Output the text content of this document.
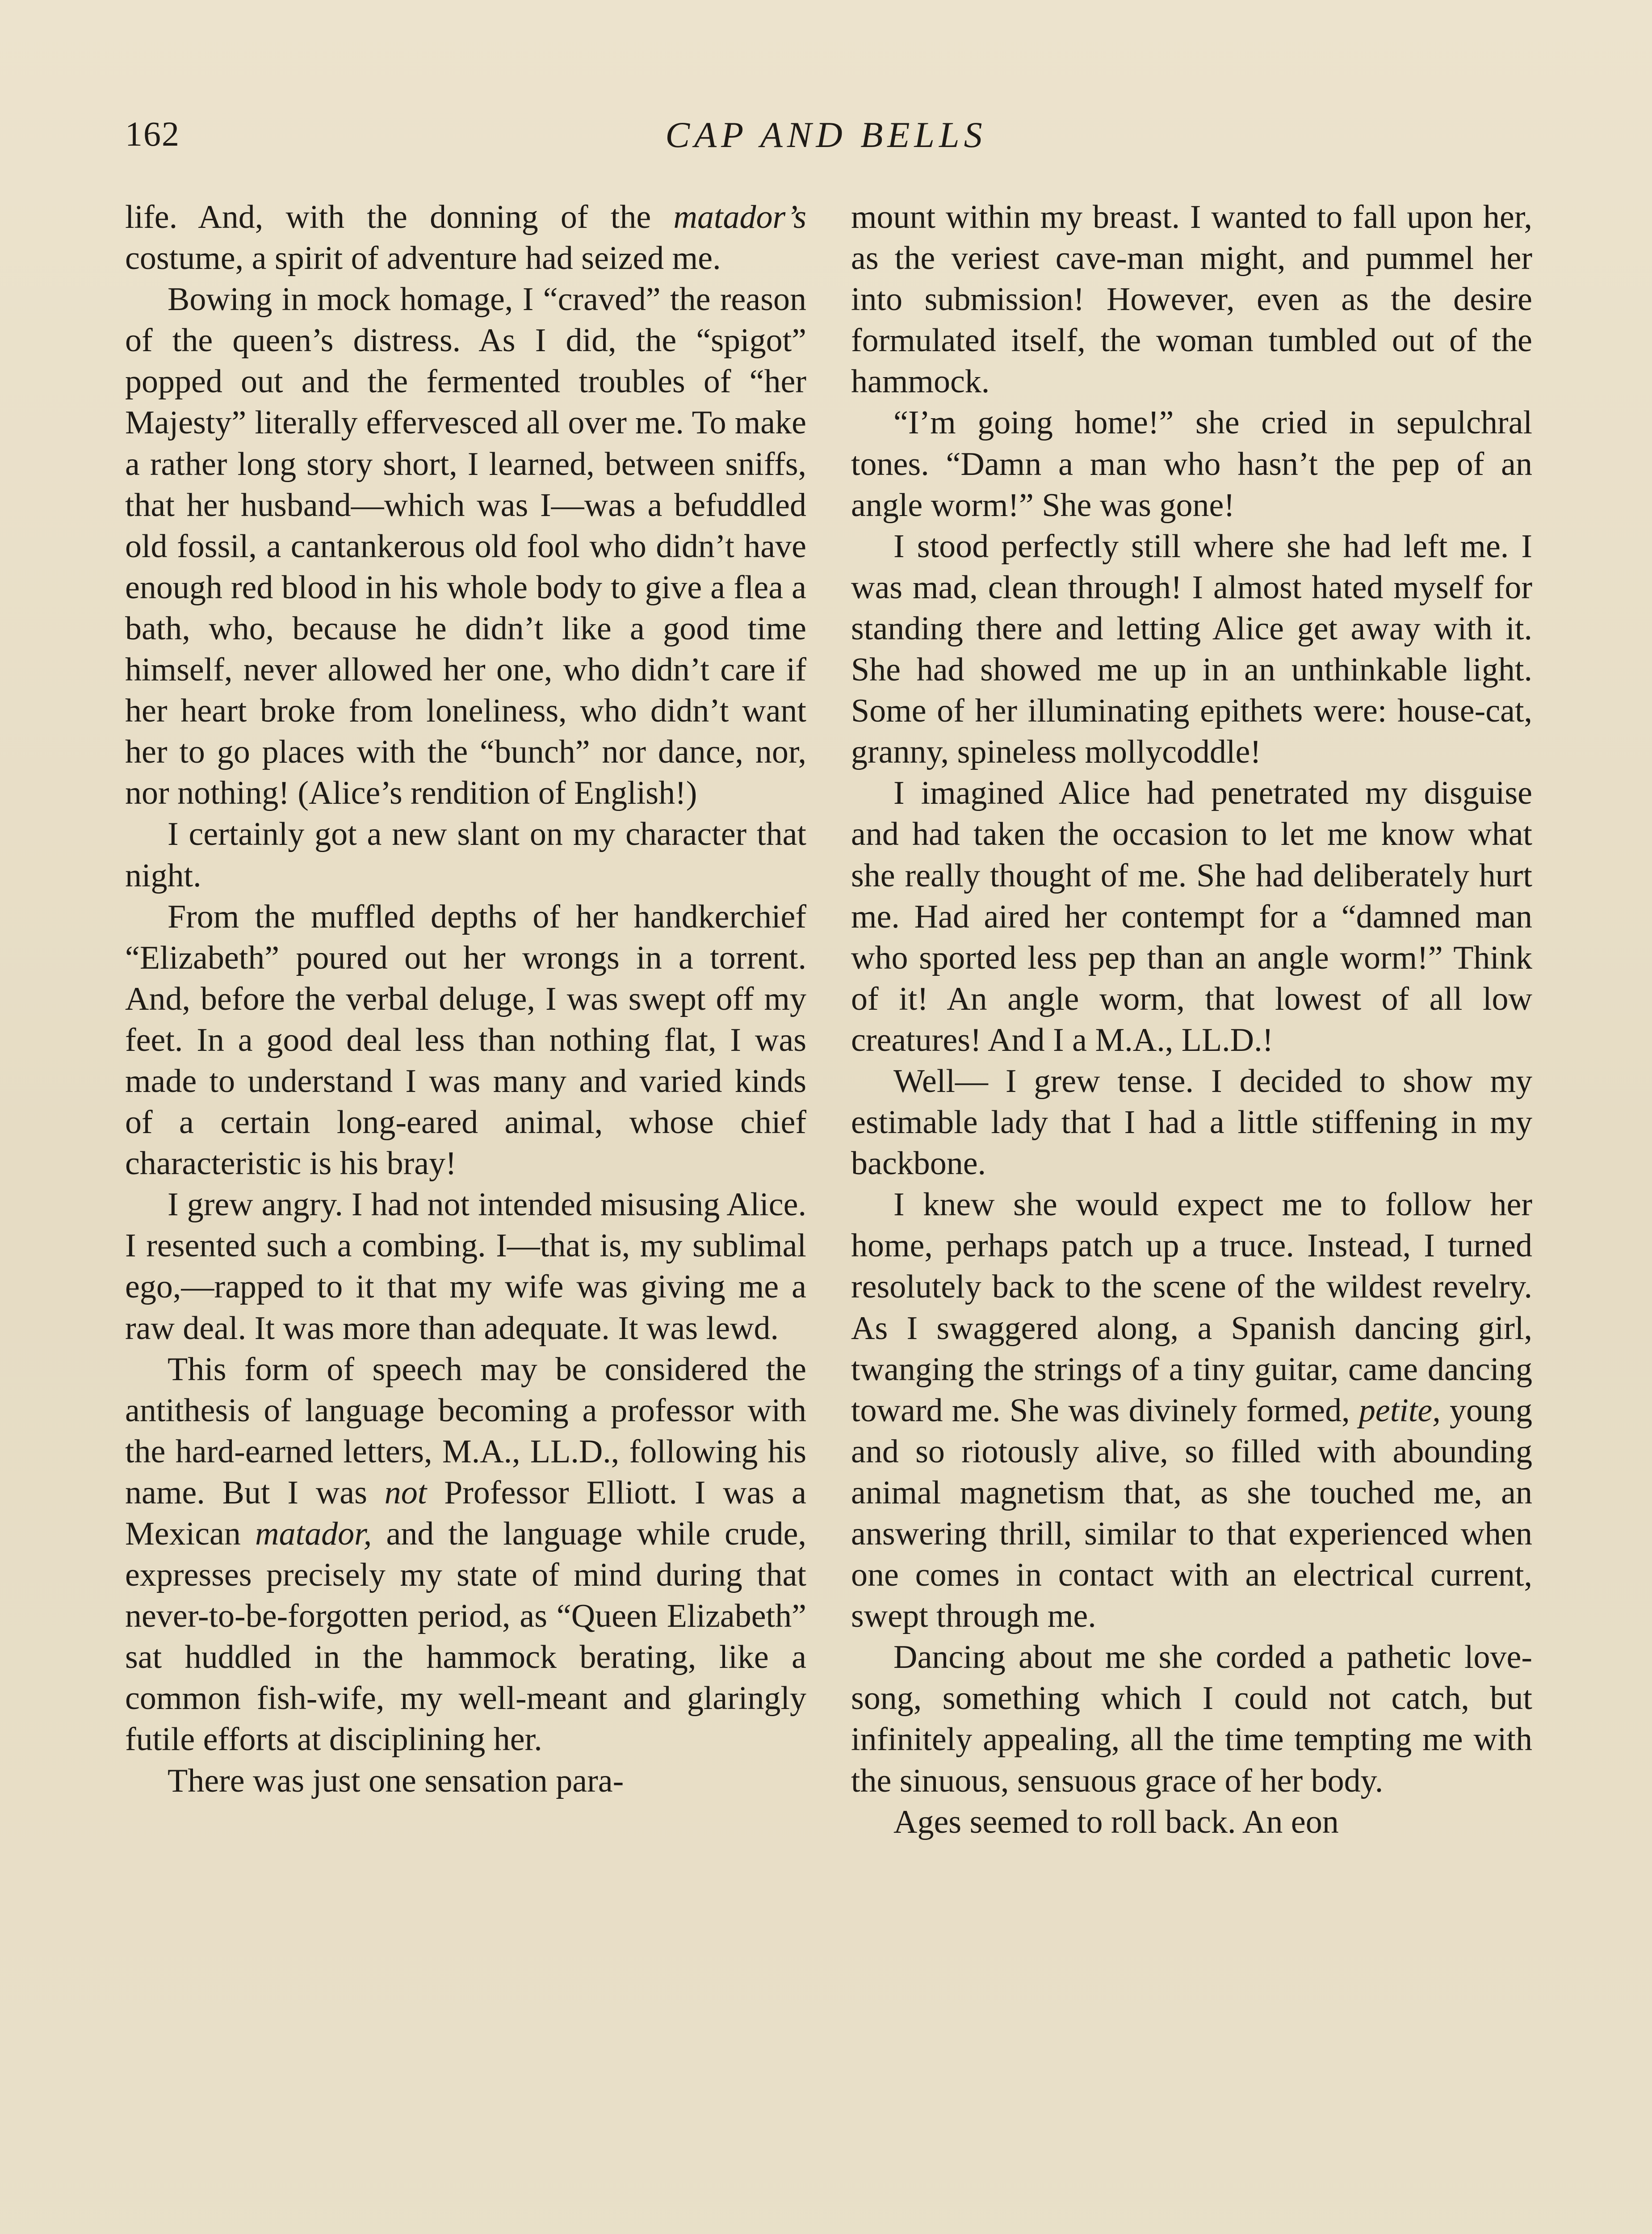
162	CAP AND BELLS

life. And, with the donning of the matador’s costume, a spirit of adventure had seized me.

Bowing in mock homage, I “craved” the reason of the queen’s distress. As I did, the “spigot” popped out and the fermented troubles of “her Majesty” literally effervesced all over me. To make a rather long story short, I learned, between sniffs, that her husband—which was I—was a befuddled old fossil, a cantankerous old fool who didn’t have enough red blood in his whole body to give a flea a bath, who, because he didn’t like a good time himself, never allowed her one, who didn’t care if her heart broke from loneliness, who didn’t want her to go places with the “bunch” nor dance, nor, nor nothing! (Alice’s rendition of English!)

I certainly got a new slant on my character that night.

From the muffled depths of her handkerchief “Elizabeth” poured out her wrongs in a torrent. And, before the verbal deluge, I was swept off my feet. In a good deal less than nothing flat, I was made to understand I was many and varied kinds of a certain long-eared animal, whose chief characteristic is his bray!

I grew angry. I had not intended misusing Alice. I resented such a combing. I—that is, my sublimal ego,—rapped to it that my wife was giving me a raw deal. It was more than adequate. It was lewd.

This form of speech may be considered the antithesis of language becoming a professor with the hard-earned letters, M.A., LL.D., following his name. But I was not Professor Elliott. I was a Mexican matador, and the language while crude, expresses precisely my state of mind during that never-to-be-forgotten period, as “Queen Elizabeth” sat huddled in the hammock berating, like a common fish-wife, my well-meant and glaringly futile efforts at disciplining her.

There was just one sensation para-

mount within my breast. I wanted to fall upon her, as the veriest cave-man might, and pummel her into submission! However, even as the desire formulated itself, the woman tumbled out of the hammock.

“I’m going home!” she cried in sepulchral tones. “Damn a man who hasn’t the pep of an angle worm!” She was gone!

I stood perfectly still where she had left me. I was mad, clean through! I almost hated myself for standing there and letting Alice get away with it. She had showed me up in an unthinkable light. Some of her illuminating epithets were: house-cat, granny, spineless mollycoddle!

I imagined Alice had penetrated my disguise and had taken the occasion to let me know what she really thought of me. She had deliberately hurt me. Had aired her contempt for a “damned man who sported less pep than an angle worm!” Think of it! An angle worm, that lowest of all low creatures! And I a M.A., LL.D.!

Well— I grew tense. I decided to show my estimable lady that I had a little stiffening in my backbone.

I knew she would expect me to follow her home, perhaps patch up a truce. Instead, I turned resolutely back to the scene of the wildest revelry. As I swaggered along, a Spanish dancing girl, twanging the strings of a tiny guitar, came dancing toward me. She was divinely formed, petite, young and so riotously alive, so filled with abounding animal magnetism that, as she touched me, an answering thrill, similar to that experienced when one comes in contact with an electrical current, swept through me.

Dancing about me she corded a pathetic love-song, something which I could not catch, but infinitely appealing, all the time tempting me with the sinuous, sensuous grace of her body.

Ages seemed to roll back. An eon
